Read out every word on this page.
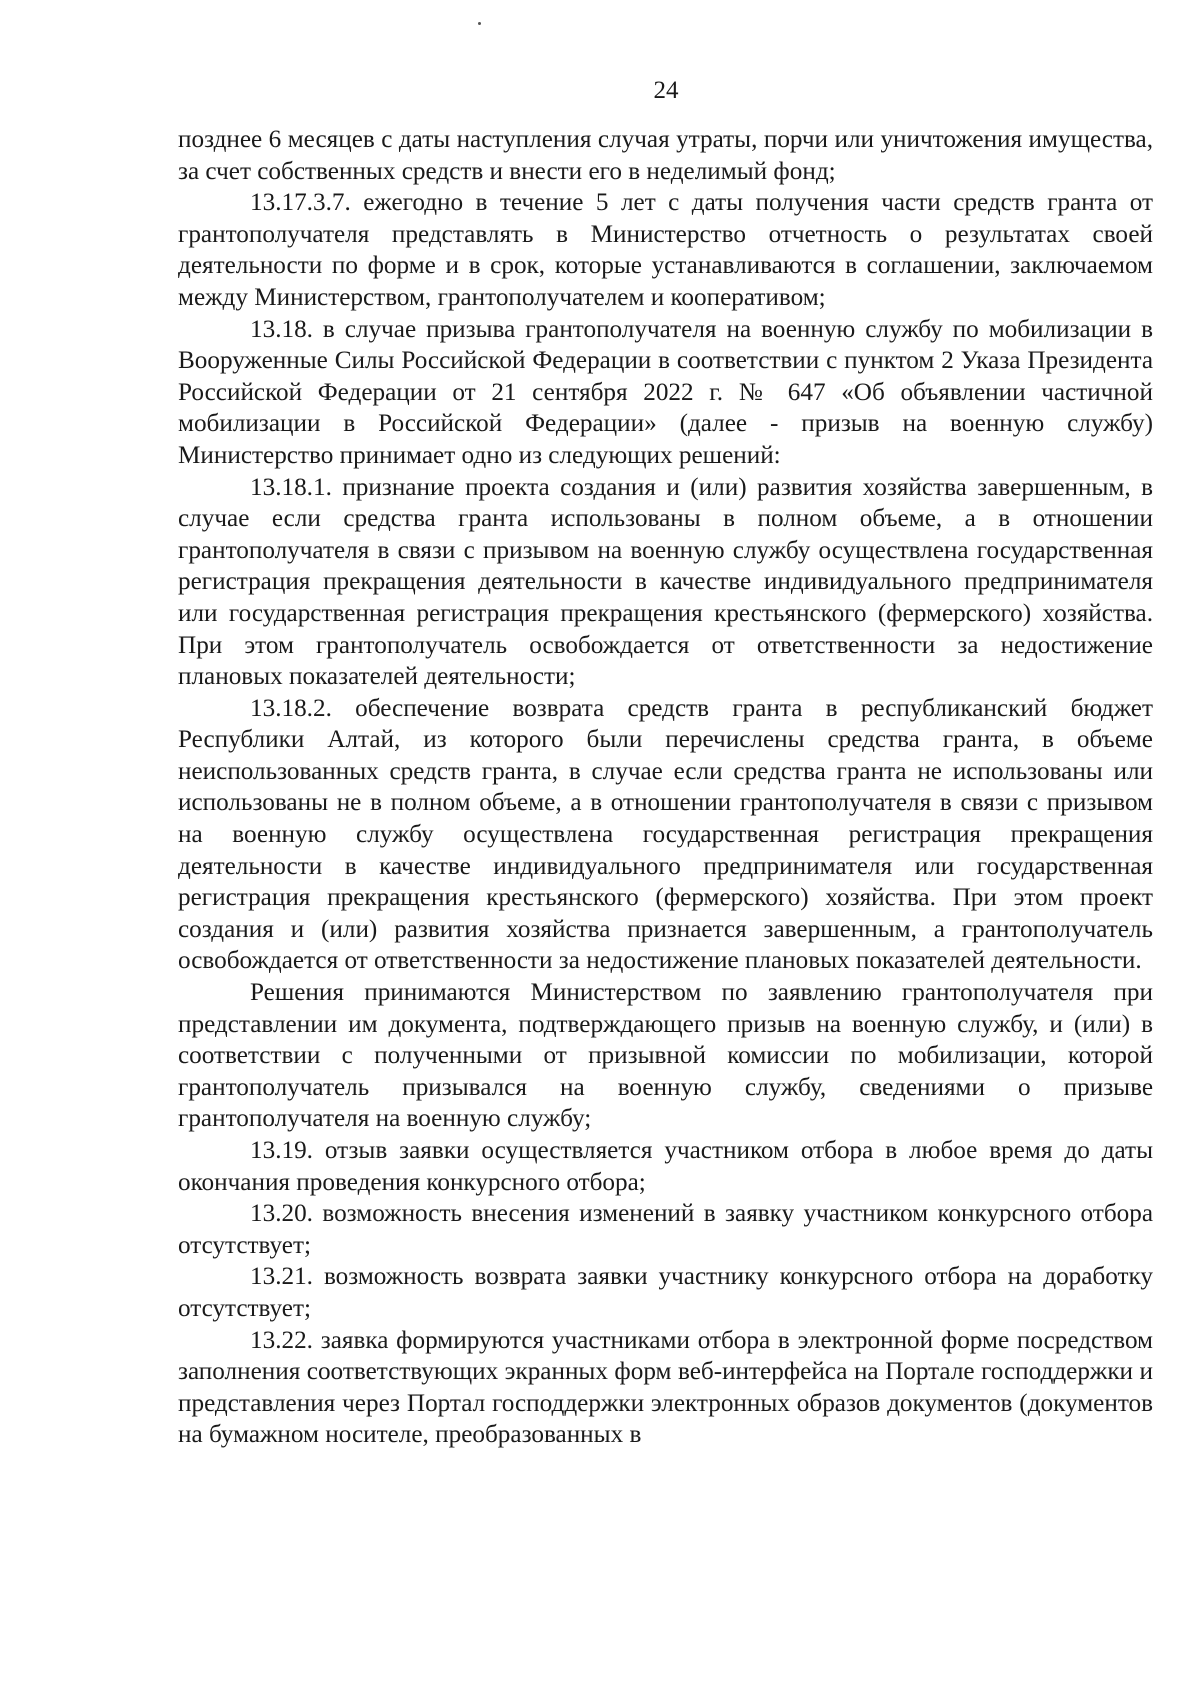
24

позднее 6 месяцев с даты наступления случая утраты, порчи или уничтожения имущества, за счет собственных средств и внести его в неделимый фонд;

13.17.3.7. ежегодно в течение 5 лет с даты получения части средств гранта от грантополучателя представлять в Министерство отчетность о результатах своей деятельности по форме и в срок, которые устанавливаются в соглашении, заключаемом между Министерством, грантополучателем и кооперативом;

13.18. в случае призыва грантополучателя на военную службу по мобилизации в Вооруженные Силы Российской Федерации в соответствии с пунктом 2 Указа Президента Российской Федерации от 21 сентября 2022 г. № 647 «Об объявлении частичной мобилизации в Российской Федерации» (далее - призыв на военную службу) Министерство принимает одно из следующих решений:

13.18.1. признание проекта создания и (или) развития хозяйства завершенным, в случае если средства гранта использованы в полном объеме, а в отношении грантополучателя в связи с призывом на военную службу осуществлена государственная регистрация прекращения деятельности в качестве индивидуального предпринимателя или государственная регистрация прекращения крестьянского (фермерского) хозяйства. При этом грантополучатель освобождается от ответственности за недостижение плановых показателей деятельности;

13.18.2. обеспечение возврата средств гранта в республиканский бюджет Республики Алтай, из которого были перечислены средства гранта, в объеме неиспользованных средств гранта, в случае если средства гранта не использованы или использованы не в полном объеме, а в отношении грантополучателя в связи с призывом на военную службу осуществлена государственная регистрация прекращения деятельности в качестве индивидуального предпринимателя или государственная регистрация прекращения крестьянского (фермерского) хозяйства. При этом проект создания и (или) развития хозяйства признается завершенным, а грантополучатель освобождается от ответственности за недостижение плановых показателей деятельности.

Решения принимаются Министерством по заявлению грантополучателя при представлении им документа, подтверждающего призыв на военную службу, и (или) в соответствии с полученными от призывной комиссии по мобилизации, которой грантополучатель призывался на военную службу, сведениями о призыве грантополучателя на военную службу;

13.19. отзыв заявки осуществляется участником отбора в любое время до даты окончания проведения конкурсного отбора;

13.20. возможность внесения изменений в заявку участником конкурсного отбора отсутствует;

13.21. возможность возврата заявки участнику конкурсного отбора на доработку отсутствует;

13.22. заявка формируются участниками отбора в электронной форме посредством заполнения соответствующих экранных форм веб-интерфейса на Портале господдержки и представления через Портал господдержки электронных образов документов (документов на бумажном носителе, преобразованных в
